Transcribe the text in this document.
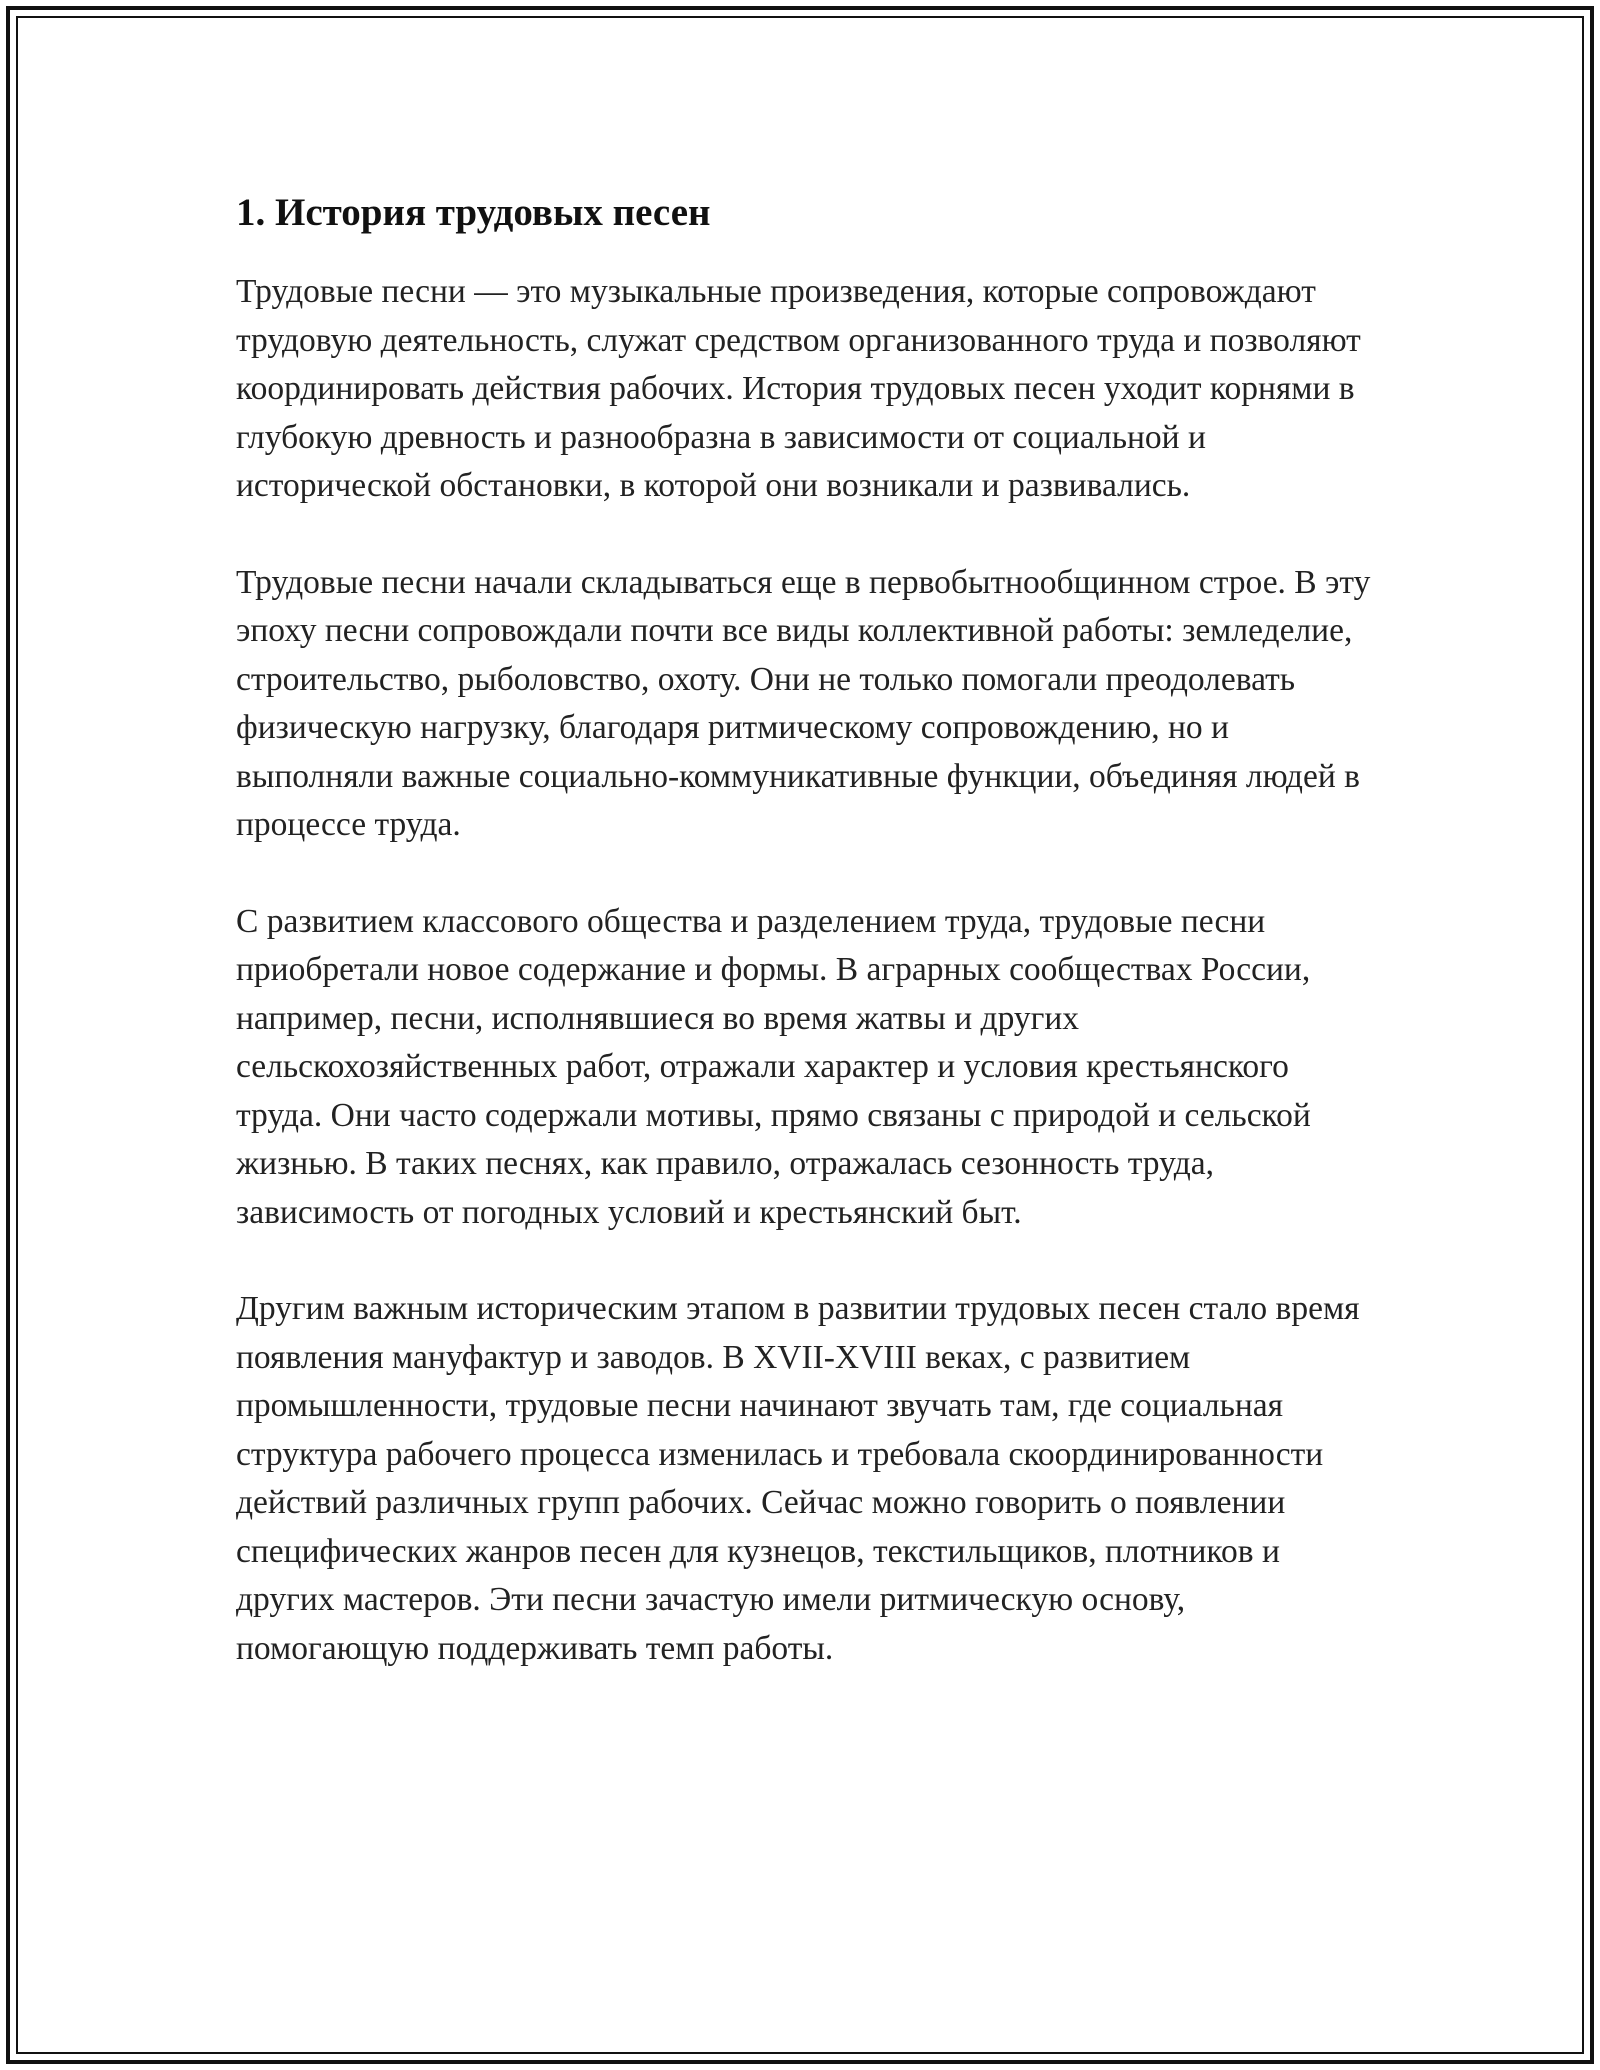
1. История трудовых песен

Трудовые песни — это музыкальные произведения, которые сопровождают трудовую деятельность, служат средством организованного труда и позволяют координировать действия рабочих. История трудовых песен уходит корнями в глубокую древность и разнообразна в зависимости от социальной и исторической обстановки, в которой они возникали и развивались.

Трудовые песни начали складываться еще в первобытнообщинном строе. В эту эпоху песни сопровождали почти все виды коллективной работы: земледелие, строительство, рыболовство, охоту. Они не только помогали преодолевать физическую нагрузку, благодаря ритмическому сопровождению, но и выполняли важные социально-коммуникативные функции, объединяя людей в процессе труда.

С развитием классового общества и разделением труда, трудовые песни приобретали новое содержание и формы. В аграрных сообществах России, например, песни, исполнявшиеся во время жатвы и других сельскохозяйственных работ, отражали характер и условия крестьянского труда. Они часто содержали мотивы, прямо связаны с природой и сельской жизнью. В таких песнях, как правило, отражалась сезонность труда, зависимость от погодных условий и крестьянский быт.

Другим важным историческим этапом в развитии трудовых песен стало время появления мануфактур и заводов. В XVII-XVIII веках, с развитием промышленности, трудовые песни начинают звучать там, где социальная структура рабочего процесса изменилась и требовала скоординированности действий различных групп рабочих. Сейчас можно говорить о появлении специфических жанров песен для кузнецов, текстильщиков, плотников и других мастеров. Эти песни зачастую имели ритмическую основу, помогающую поддерживать темп работы.
